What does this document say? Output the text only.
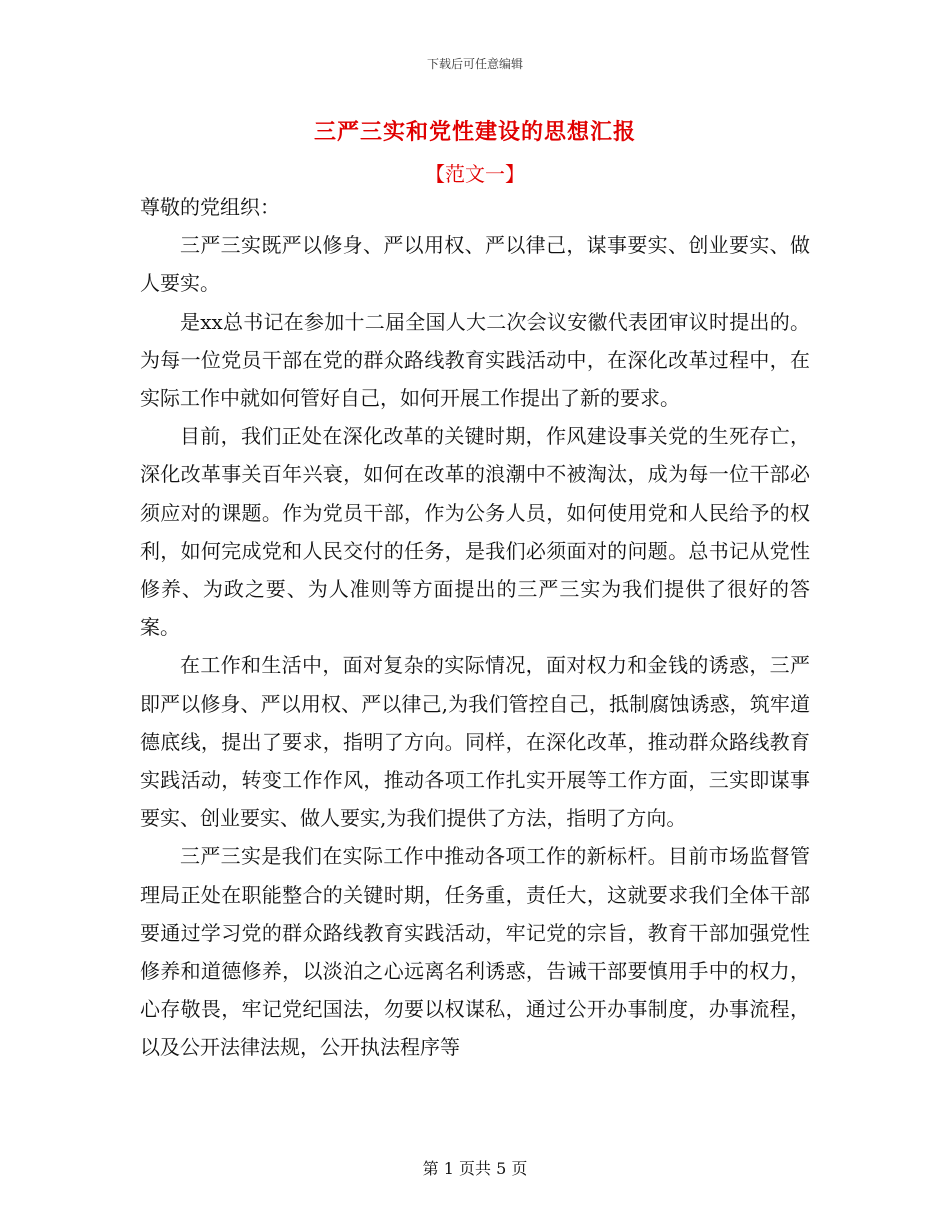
下载后可任意编辑
三严三实和党性建设的思想汇报
【范文一】

尊敬的党组织：

三严三实既严以修身、严以用权、严以律己，谋事要实、创业要实、做人要实。

是xx总书记在参加十二届全国人大二次会议安徽代表团审议时提出的。为每一位党员干部在党的群众路线教育实践活动中，在深化改革过程中，在实际工作中就如何管好自己，如何开展工作提出了新的要求。

目前，我们正处在深化改革的关键时期，作风建设事关党的生死存亡，深化改革事关百年兴衰，如何在改革的浪潮中不被淘汰，成为每一位干部必须应对的课题。作为党员干部，作为公务人员，如何使用党和人民给予的权利，如何完成党和人民交付的任务，是我们必须面对的问题。总书记从党性修养、为政之要、为人准则等方面提出的三严三实为我们提供了很好的答案。

在工作和生活中，面对复杂的实际情况，面对权力和金钱的诱惑，三严即严以修身、严以用权、严以律己,为我们管控自己，抵制腐蚀诱惑，筑牢道德底线，提出了要求，指明了方向。同样，在深化改革，推动群众路线教育实践活动，转变工作作风，推动各项工作扎实开展等工作方面，三实即谋事要实、创业要实、做人要实,为我们提供了方法，指明了方向。

三严三实是我们在实际工作中推动各项工作的新标杆。目前市场监督管理局正处在职能整合的关键时期，任务重，责任大，这就要求我们全体干部要通过学习党的群众路线教育实践活动，牢记党的宗旨，教育干部加强党性修养和道德修养，以淡泊之心远离名利诱惑，告诫干部要慎用手中的权力，心存敬畏，牢记党纪国法，勿要以权谋私，通过公开办事制度，办事流程，以及公开法律法规，公开执法程序等

第 1 页共 5 页
